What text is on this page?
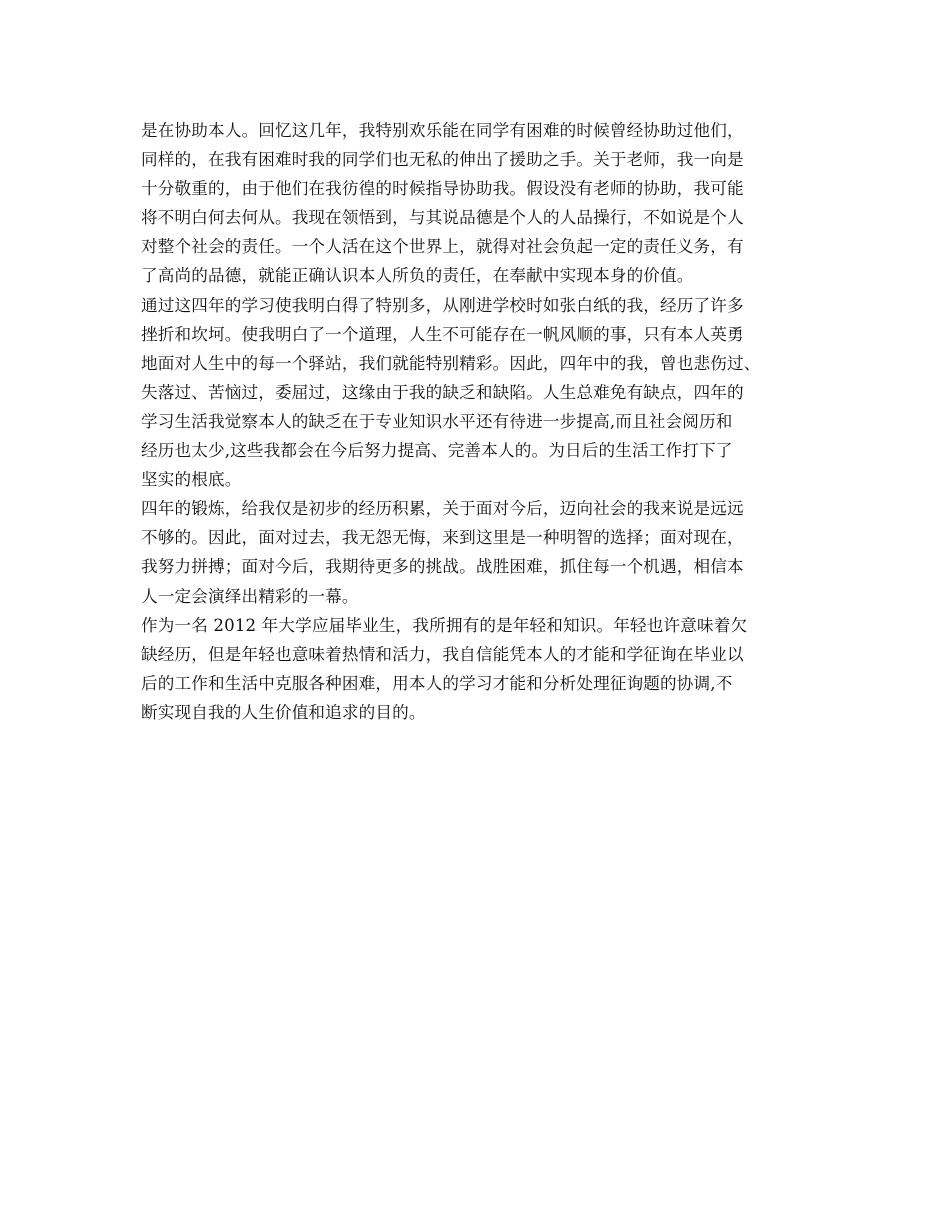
是在协助本人。回忆这几年，我特别欢乐能在同学有困难的时候曾经协助过他们，
同样的，在我有困难时我的同学们也无私的伸出了援助之手。关于老师，我一向是
十分敬重的，由于他们在我彷徨的时候指导协助我。假设没有老师的协助，我可能
将不明白何去何从。我现在领悟到，与其说品德是个人的人品操行，不如说是个人
对整个社会的责任。一个人活在这个世界上，就得对社会负起一定的责任义务，有
了高尚的品德，就能正确认识本人所负的责任，在奉献中实现本身的价值。
通过这四年的学习使我明白得了特别多，从刚进学校时如张白纸的我，经历了许多
挫折和坎坷。使我明白了一个道理，人生不可能存在一帆风顺的事，只有本人英勇
地面对人生中的每一个驿站，我们就能特别精彩。因此，四年中的我，曾也悲伤过、
失落过、苦恼过，委屈过，这缘由于我的缺乏和缺陷。人生总难免有缺点，四年的
学习生活我觉察本人的缺乏在于专业知识水平还有待进一步提高,而且社会阅历和
经历也太少,这些我都会在今后努力提高、完善本人的。为日后的生活工作打下了
坚实的根底。
四年的锻炼，给我仅是初步的经历积累，关于面对今后，迈向社会的我来说是远远
不够的。因此，面对过去，我无怨无悔，来到这里是一种明智的选择；面对现在，
我努力拼搏；面对今后，我期待更多的挑战。战胜困难，抓住每一个机遇，相信本
人一定会演绎出精彩的一幕。
作为一名 2012 年大学应届毕业生，我所拥有的是年轻和知识。年轻也许意味着欠
缺经历，但是年轻也意味着热情和活力，我自信能凭本人的才能和学征询在毕业以
后的工作和生活中克服各种困难，用本人的学习才能和分析处理征询题的协调,不
断实现自我的人生价值和追求的目的。
